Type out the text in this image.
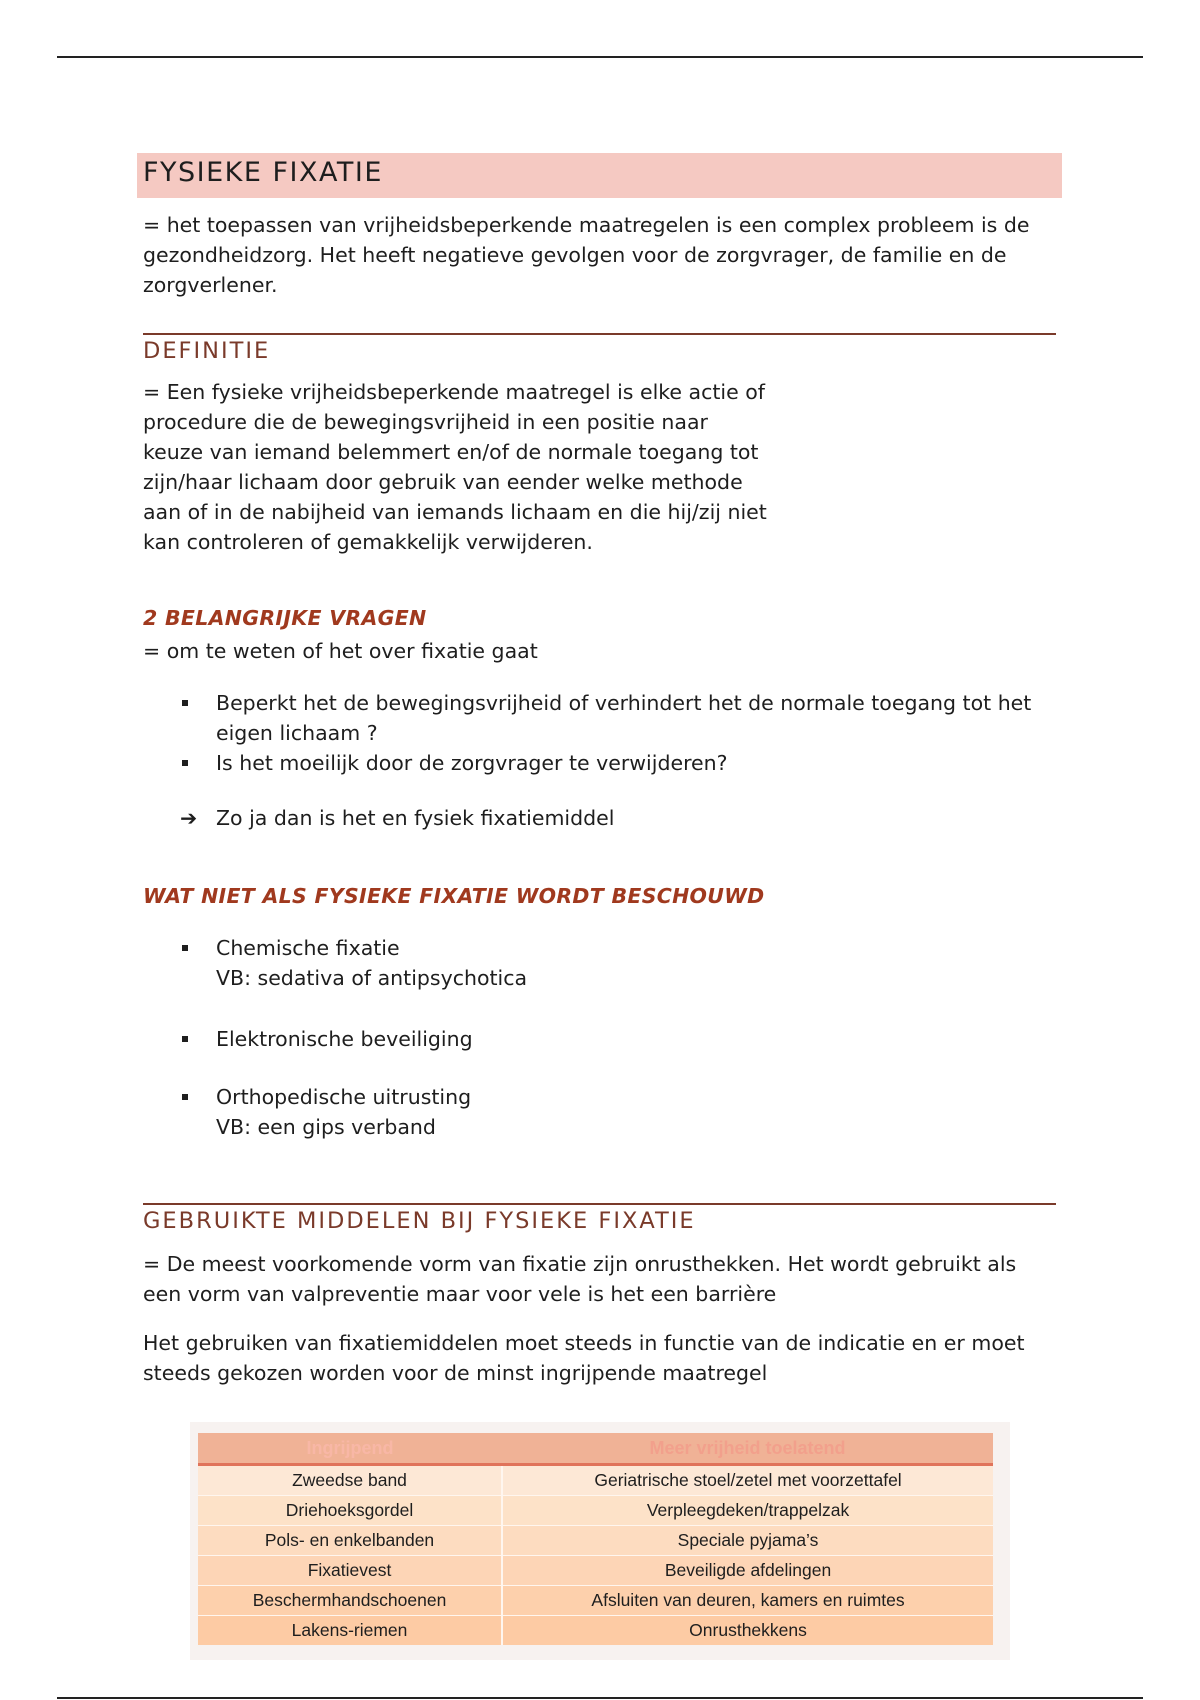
FYSIEKE FIXATIE

= het toepassen van vrijheidsbeperkende maatregelen is een complex probleem is de gezondheidzorg. Het heeft negatieve gevolgen voor de zorgvrager, de familie en de zorgverlener.

DEFINITIE

= Een fysieke vrijheidsbeperkende maatregel is elke actie of

procedure die de bewegingsvrijheid in een positie naar

keuze van iemand belemmert en/of de normale toegang tot

zijn/haar lichaam door gebruik van eender welke methode

aan of in de nabijheid van iemands lichaam en die hij/zij niet

kan controleren of gemakkelijk verwijderen.

2 BELANGRIJKE VRAGEN

= om te weten of het over fixatie gaat

Beperkt het de bewegingsvrijheid of verhindert het de normale toegang tot het eigen lichaam ?
Is het moeilijk door de zorgvrager te verwijderen?
➔ Zo ja dan is het en fysiek fixatiemiddel
WAT NIET ALS FYSIEKE FIXATIE WORDT BESCHOUWD
Chemische fixatie
VB: sedativa of antipsychotica
Elektronische beveiliging
Orthopedische uitrusting
VB: een gips verband
GEBRUIKTE MIDDELEN BIJ FYSIEKE FIXATIE

= De meest voorkomende vorm van fixatie zijn onrusthekken. Het wordt gebruikt als een vorm van valpreventie maar voor vele is het een barrière

Het gebruiken van fixatiemiddelen moet steeds in functie van de indicatie en er moet steeds gekozen worden voor de minst ingrijpende maatregel

Ingrijpend	Meer vrijheid toelatend
Zweedse band	Geriatrische stoel/zetel met voorzettafel
Driehoeksgordel	Verpleegdeken/trappelzak
Pols- en enkelbanden	Speciale pyjama’s
Fixatievest	Beveiligde afdelingen
Beschermhandschoenen	Afsluiten van deuren, kamers en ruimtes
Lakens-riemen	Onrusthekkens
